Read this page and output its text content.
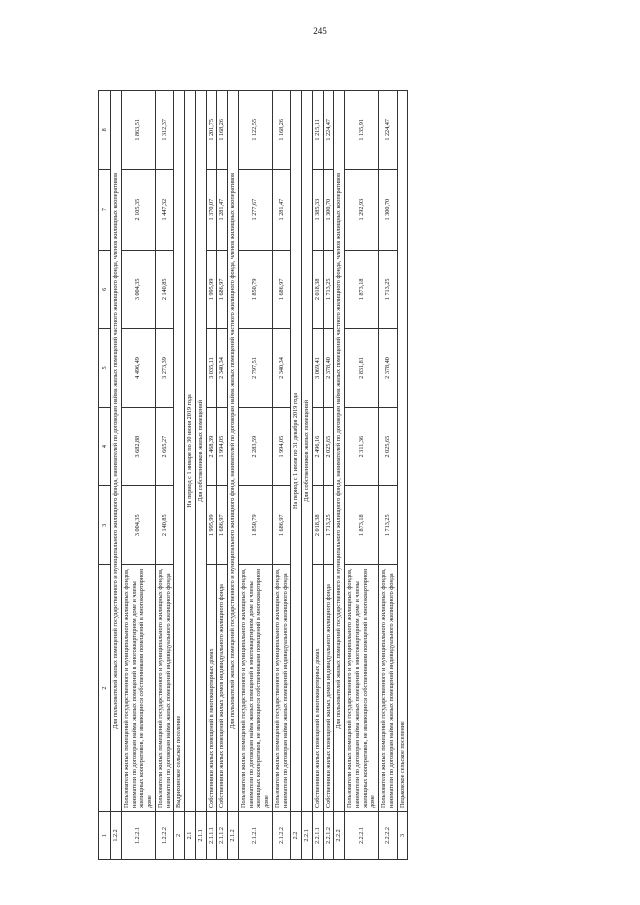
245
1	2	3	4	5	6	7	8
1.2.2	Для пользователей жилых помещений государственного и муниципального жилищного фонда, нанимателей по договорам найма жилых помещений частного жилищного фонда, членов жилищных кооперативов						
1.2.2.1	Пользователи жилых помещений государственного и муниципального жилищных фондов, наниматели по договорам найма жилых помещений в многоквартирном доме и члены жилищных кооперативов, не являющиеся собственниками помещений в многоквартирном доме	3 004,35	3 682,88	4 496,49	3 004,35	2 105,35	1 863,51
1.2.2.2	Пользователи жилых помещений государственного и муниципального жилищных фондов, наниматели по договорам найма жилых помещений индивидуального жилищного фонда	2 140,85	2 665,27	3 273,39	2 140,85	1 447,32	1 312,37
2	Выдрихинское сельское поселение						
2.1	На период с 1 января по 30 июня 2019 года						
2.1.1	Для собственников жилых помещений						
2.1.1.1	Собственники жилых помещений в многоквартирных домах	1 995,99	2 468,39	3 035,11	1 995,99	1 370,07	1 201,75
2.1.1.2	Собственники жилых помещений жилых домов индивидуального жилищного фонда	1 686,97	1 994,05	2 340,34	1 686,97	1 281,47	1 168,26
2.1.2	Для пользователей жилых помещений государственного и муниципального жилищного фонда, нанимателей по договорам найма жилых помещений частного жилищного фонда, членов жилищных кооперативов						
2.1.2.1	Пользователи жилых помещений государственного и муниципального жилищных фондов, наниматели по договорам найма жилых помещений в многоквартирном доме и члены жилищных кооперативов, не являющиеся собственниками помещений в многоквартирном доме	1 850,79	2 283,59	2 797,51	1 850,79	1 277,67	1 122,55
2.1.2.2	Пользователи жилых помещений государственного и муниципального жилищных фондов, наниматели по договорам найма жилых помещений индивидуального жилищного фонда	1 686,97	1 994,05	2 340,34	1 686,97	1 281,47	1 168,26
2.2	На период с 1 июля по 31 декабря 2019 года						
2.2.1	Для собственников жилых помещений						
2.2.1.1	Собственники жилых помещений в многоквартирных домах	2 018,38	2 496,16	3 069,41	2 018,38	1 385,33	1 215,11
2.2.1.2	Собственники жилых помещений жилых домов индивидуального жилищного фонда	1 713,25	2 025,65	2 378,40	1 713,25	1 300,70	1 224,47
2.2.2	Для пользователей жилых помещений государственного и муниципального жилищного фонда, нанимателей по договорам найма жилых помещений частного жилищного фонда, членов жилищных кооперативов						
2.2.2.1	Пользователи жилых помещений государственного и муниципального жилищных фондов, наниматели по договорам найма жилых помещений в многоквартирном доме и члены жилищных кооперативов, не являющиеся собственниками помещений в многоквартирном доме	1 873,18	2 311,36	2 831,81	1 873,18	1 292,93	1 135,91
2.2.2.2	Пользователи жилых помещений государственного и муниципального жилищных фондов, наниматели по договорам найма жилых помещений индивидуального жилищного фонда	1 713,25	2 025,65	2 378,40	1 713,25	1 300,70	1 224,47
3	Пецьковское сельское поселение						
